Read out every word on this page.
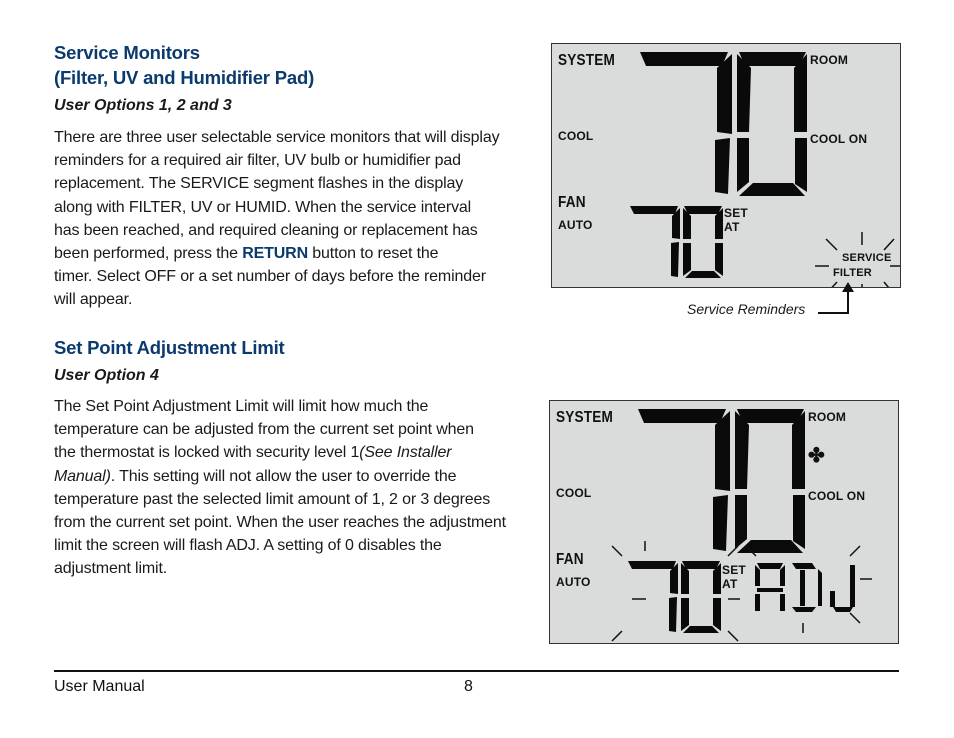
Service Monitors
(Filter, UV and Humidifier Pad)
User Options 1, 2 and 3
There are three user selectable service monitors that will display
reminders for a required air filter, UV bulb or humidifier pad
replacement. The SERVICE segment flashes in the display
along with FILTER, UV or HUMID. When the service interval
has been reached, and required cleaning or replacement has
been performed, press the RETURN button to reset the
timer. Select OFF or a set number of days before the reminder
will appear.
Set Point Adjustment Limit
User Option 4
The Set Point Adjustment Limit will limit how much the
temperature can be adjusted from the current set point when
the thermostat is locked with security level 1(See Installer
Manual). This setting will not allow the user to override the
temperature past the selected limit amount of 1, 2 or 3 degrees
from the current set point. When the user reaches the adjustment
limit the screen will flash ADJ. A setting of 0 disables the
adjustment limit.
SYSTEM	ROOM
COOL	COOL ON
FAN
AUTO
SET
AT
SERVICE
FILTER
Service Reminders
SYSTEM	ROOM
COOL	COOL ON
FAN
AUTO
SET
AT
✤
User Manual	8
